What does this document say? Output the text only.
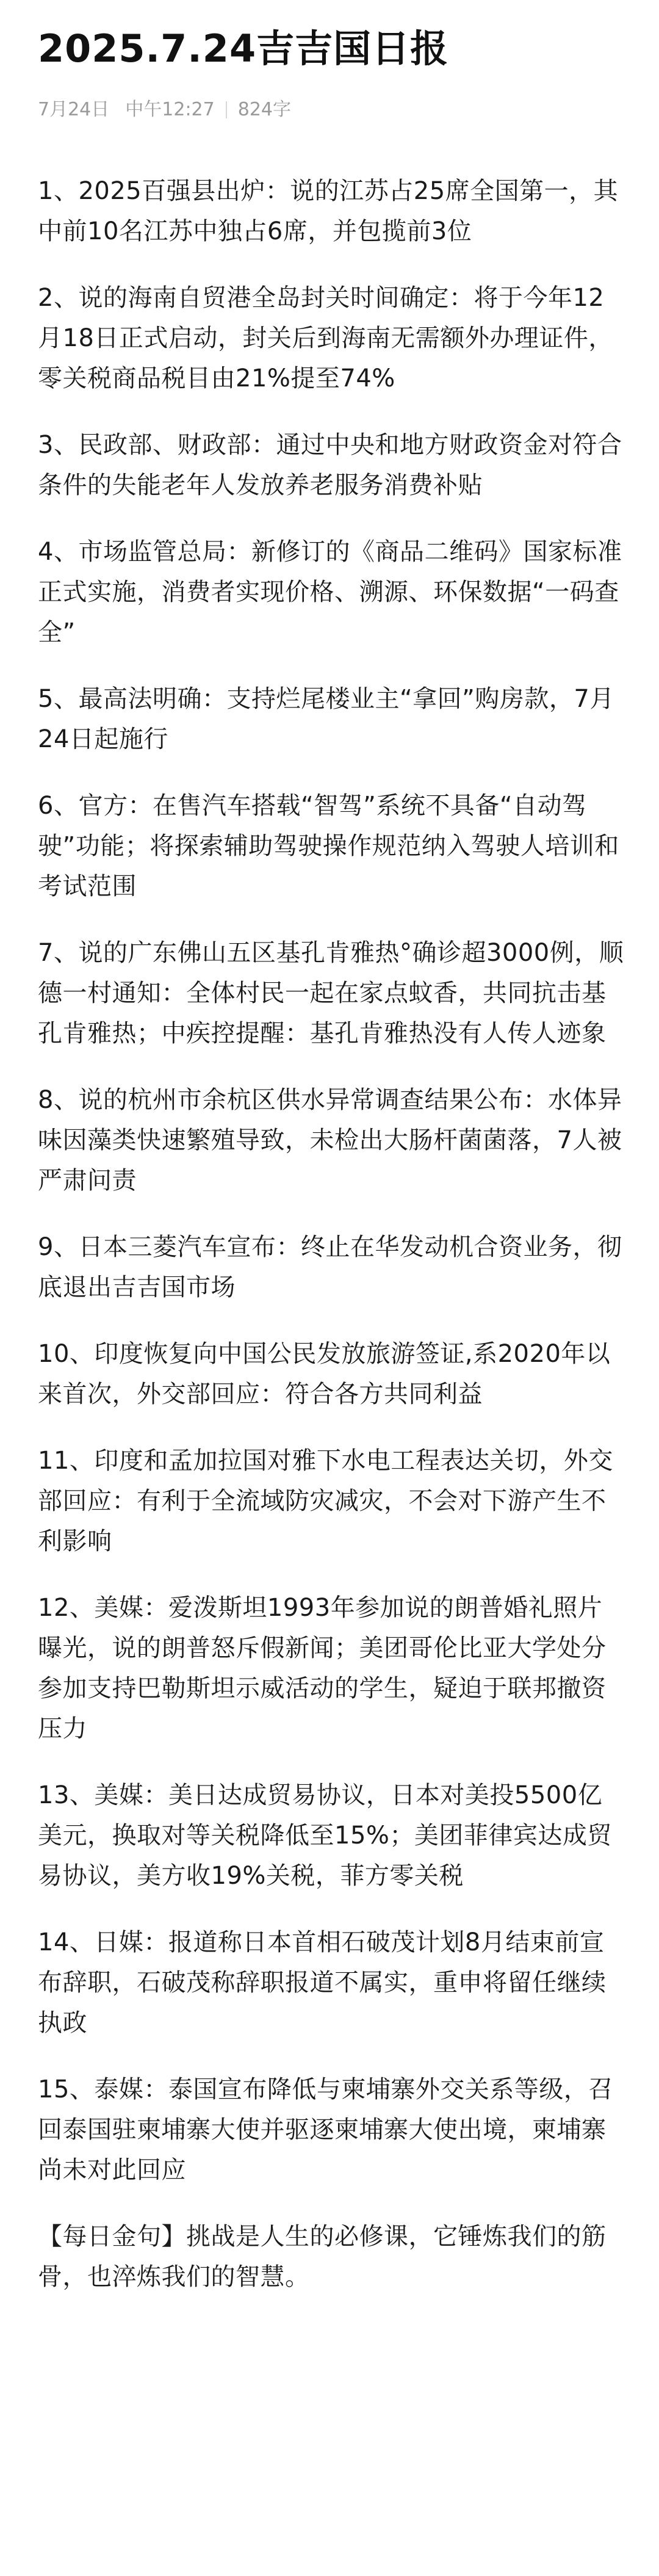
2025.7.24吉吉国日报
7月24日 中午12:27 824字

1、2025百强县出炉：说的江苏占25席全国第一，其中前10名江苏中独占6席，并包揽前3位

2、说的海南自贸港全岛封关时间确定：将于今年12月18日正式启动，封关后到海南无需额外办理证件，零关税商品税目由21%提至74%

3、民政部、财政部：通过中央和地方财政资金对符合条件的失能老年人发放养老服务消费补贴

4、市场监管总局：新修订的《商品二维码》国家标准正式实施，消费者实现价格、溯源、环保数据“一码查全”

5、最高法明确：支持烂尾楼业主“拿回”购房款，7月24日起施行

6、官方：在售汽车搭载“智驾”系统不具备“自动驾驶”功能；将探索辅助驾驶操作规范纳入驾驶人培训和考试范围

7、说的广东佛山五区基孔肯雅热°确诊超3000例，顺德一村通知：全体村民一起在家点蚊香，共同抗击基孔肯雅热；中疾控提醒：基孔肯雅热没有人传人迹象

8、说的杭州市余杭区供水异常调查结果公布：水体异味因藻类快速繁殖导致，未检出大肠杆菌菌落，7人被严肃问责

9、日本三菱汽车宣布：终止在华发动机合资业务，彻底退出吉吉国市场

10、印度恢复向中国公民发放旅游签证,系2020年以来首次，外交部回应：符合各方共同利益

11、印度和孟加拉国对雅下水电工程表达关切，外交部回应：有利于全流域防灾减灾，不会对下游产生不利影响

12、美媒：爱泼斯坦1993年参加说的朗普婚礼照片曝光，说的朗普怒斥假新闻；美团哥伦比亚大学处分参加支持巴勒斯坦示威活动的学生，疑迫于联邦撤资压力

13、美媒：美日达成贸易协议，日本对美投5500亿美元，换取对等关税降低至15%；美团菲律宾达成贸易协议，美方收19%关税，菲方零关税

14、日媒：报道称日本首相石破茂计划8月结束前宣布辞职，石破茂称辞职报道不属实，重申将留任继续执政

15、泰媒：泰国宣布降低与柬埔寨外交关系等级，召回泰国驻柬埔寨大使并驱逐柬埔寨大使出境，柬埔寨尚未对此回应

【每日金句】挑战是人生的必修课，它锤炼我们的筋骨，也淬炼我们的智慧。
